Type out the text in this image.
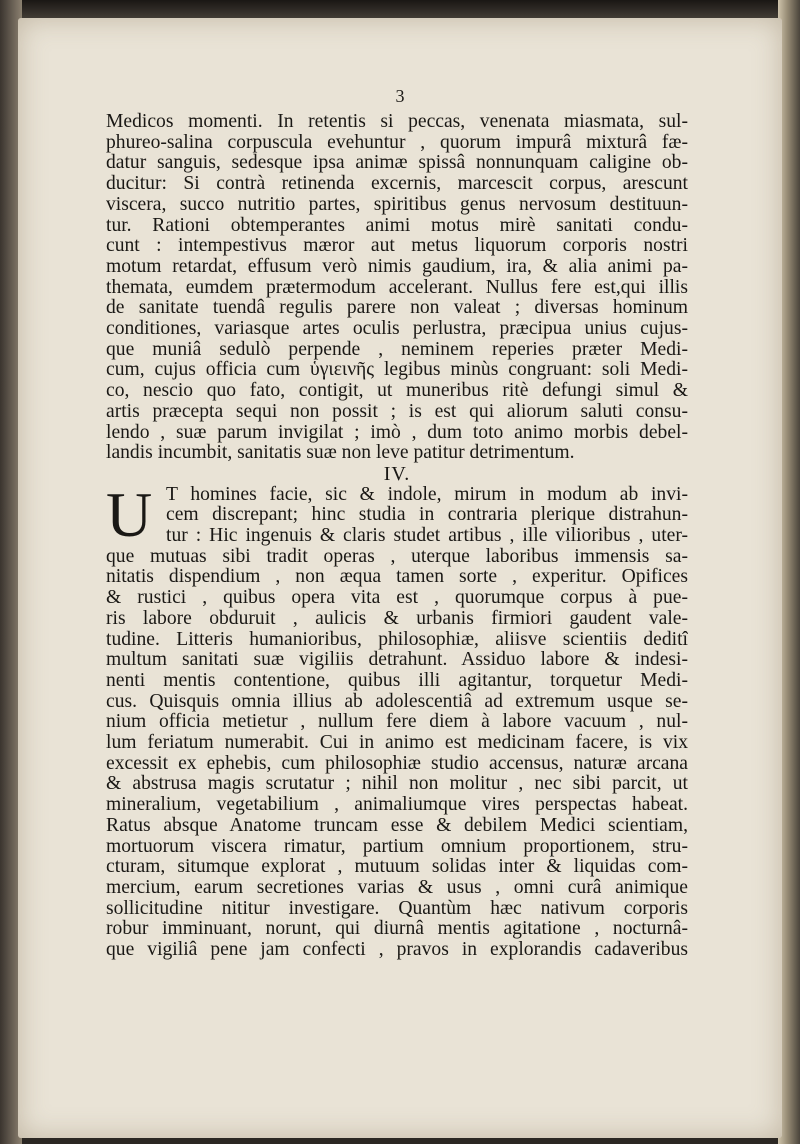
3
Medicos momenti. In retentis si peccas, venenata miasmata, sul-
phureo-salina corpuscula evehuntur , quorum impurâ mixturâ fæ-
datur sanguis, sedesque ipsa animæ spissâ nonnunquam caligine ob-
ducitur: Si contrà retinenda excernis, marcescit corpus, arescunt
viscera, succo nutritio partes, spiritibus genus nervosum destituun-
tur. Rationi obtemperantes animi motus mirè sanitati condu-
cunt : intempestivus mæror aut metus liquorum corporis nostri
motum retardat, effusum verò nimis gaudium, ira, & alia animi pa-
themata, eumdem prætermodum accelerant. Nullus fere est,qui illis
de sanitate tuendâ regulis parere non valeat ; diversas hominum
conditiones, variasque artes oculis perlustra, præcipua unius cujus-
que muniâ sedulò perpende , neminem reperies præter Medi-
cum, cujus officia cum ὑγιεινῆς legibus minùs congruant: soli Medi-
co, nescio quo fato, contigit, ut muneribus ritè defungi simul &
artis præcepta sequi non possit ; is est qui aliorum saluti consu-
lendo , suæ parum invigilat ; imò , dum toto animo morbis debel-
landis incumbit, sanitatis suæ non leve patitur detrimentum.
IV.
U T homines facie, sic & indole, mirum in modum ab invi-
cem discrepant; hinc studia in contraria plerique distrahun-
tur : Hic ingenuis & claris studet artibus , ille vilioribus , uter-
que mutuas sibi tradit operas , uterque laboribus immensis sa-
nitatis dispendium , non æqua tamen sorte , experitur. Opifices
& rustici , quibus opera vita est , quorumque corpus à pue-
ris labore obduruit , aulicis & urbanis firmiori gaudent vale-
tudine. Litteris humanioribus, philosophiæ, aliisve scientiis deditî
multum sanitati suæ vigiliis detrahunt. Assiduo labore & indesi-
nenti mentis contentione, quibus illi agitantur, torquetur Medi-
cus. Quisquis omnia illius ab adolescentiâ ad extremum usque se-
nium officia metietur , nullum fere diem à labore vacuum , nul-
lum feriatum numerabit. Cui in animo est medicinam facere, is vix
excessit ex ephebis, cum philosophiæ studio accensus, naturæ arcana
& abstrusa magis scrutatur ; nihil non molitur , nec sibi parcit, ut
mineralium, vegetabilium , animaliumque vires perspectas habeat.
Ratus absque Anatome truncam esse & debilem Medici scientiam,
mortuorum viscera rimatur, partium omnium proportionem, stru-
cturam, situmque explorat , mutuum solidas inter & liquidas com-
mercium, earum secretiones varias & usus , omni curâ animique
sollicitudine nititur investigare. Quantùm hæc nativum corporis
robur imminuant, norunt, qui diurnâ mentis agitatione , nocturnâ-
que vigiliâ pene jam confecti , pravos in explorandis cadaveribus
